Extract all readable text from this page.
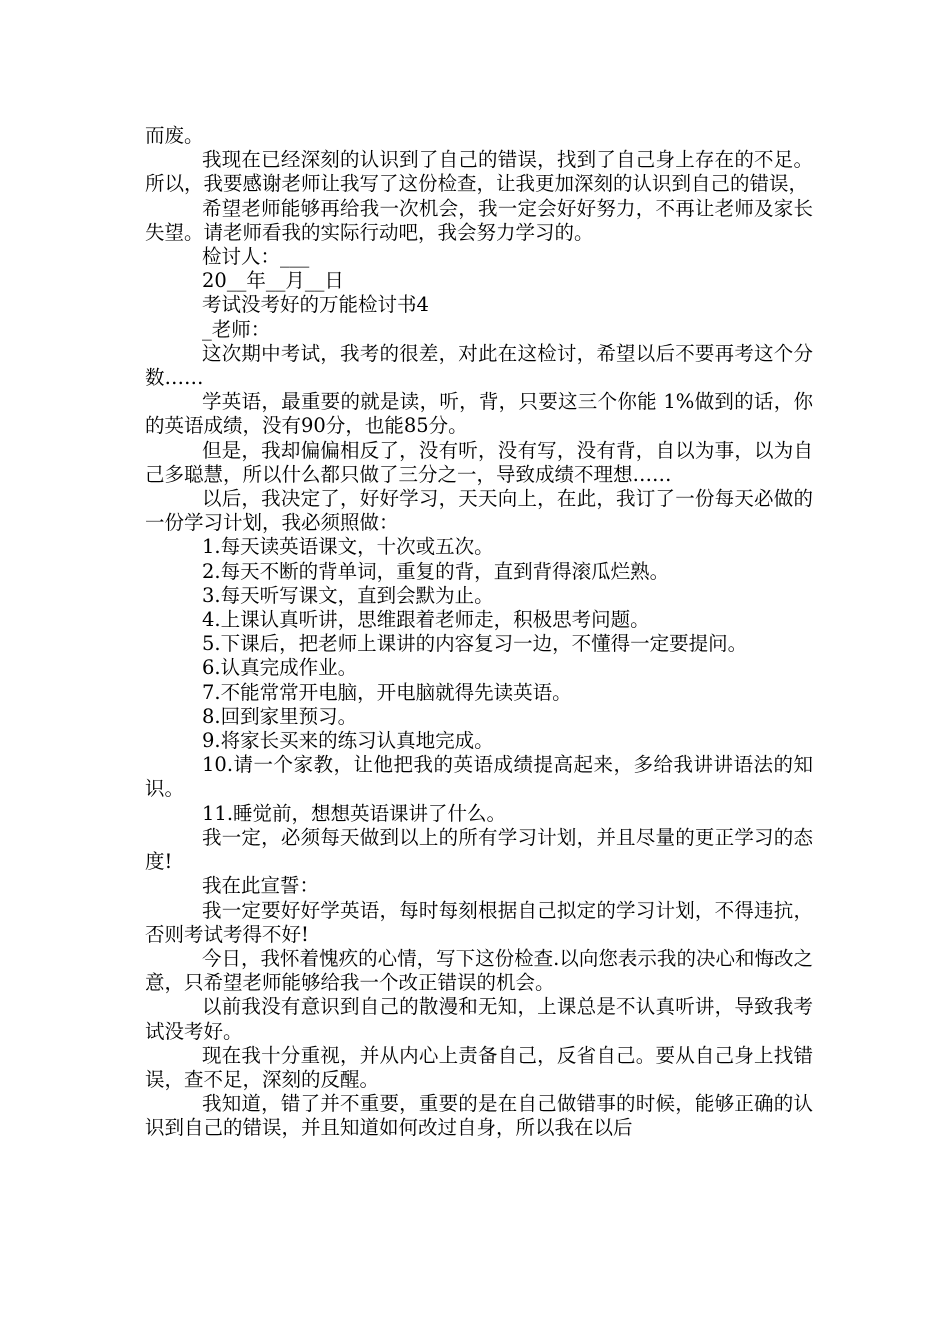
而废。

我现在已经深刻的认识到了自己的错误，找到了自己身上存在的不足。所以，我要感谢老师让我写了这份检查，让我更加深刻的认识到自己的错误，

希望老师能够再给我一次机会，我一定会好好努力，不再让老师及家长失望。请老师看我的实际行动吧，我会努力学习的。

检讨人：___

20__年__月__日

考试没考好的万能检讨书4

_老师：

这次期中考试，我考的很差，对此在这检讨，希望以后不要再考这个分数……

学英语，最重要的就是读，听，背，只要这三个你能 1%做到的话，你的英语成绩，没有90分，也能85分。

但是，我却偏偏相反了，没有听，没有写，没有背，自以为事，以为自己多聪慧，所以什么都只做了三分之一，导致成绩不理想……

以后，我决定了，好好学习，天天向上，在此，我订了一份每天必做的一份学习计划，我必须照做：

1.每天读英语课文，十次或五次。

2.每天不断的背单词，重复的背，直到背得滚瓜烂熟。

3.每天听写课文，直到会默为止。

4.上课认真听讲，思维跟着老师走，积极思考问题。

5.下课后，把老师上课讲的内容复习一边，不懂得一定要提问。

6.认真完成作业。

7.不能常常开电脑，开电脑就得先读英语。

8.回到家里预习。

9.将家长买来的练习认真地完成。

10.请一个家教，让他把我的英语成绩提高起来，多给我讲讲语法的知识。

11.睡觉前，想想英语课讲了什么。

我一定，必须每天做到以上的所有学习计划，并且尽量的更正学习的态度!

我在此宣誓：

我一定要好好学英语，每时每刻根据自己拟定的学习计划，不得违抗，否则考试考得不好!

今日，我怀着愧疚的心情，写下这份检查.以向您表示我的决心和悔改之意，只希望老师能够给我一个改正错误的机会。

以前我没有意识到自己的散漫和无知，上课总是不认真听讲，导致我考试没考好。

现在我十分重视，并从内心上责备自己，反省自己。要从自己身上找错误，查不足，深刻的反醒。

我知道，错了并不重要，重要的是在自己做错事的时候，能够正确的认识到自己的错误，并且知道如何改过自身，所以我在以后
